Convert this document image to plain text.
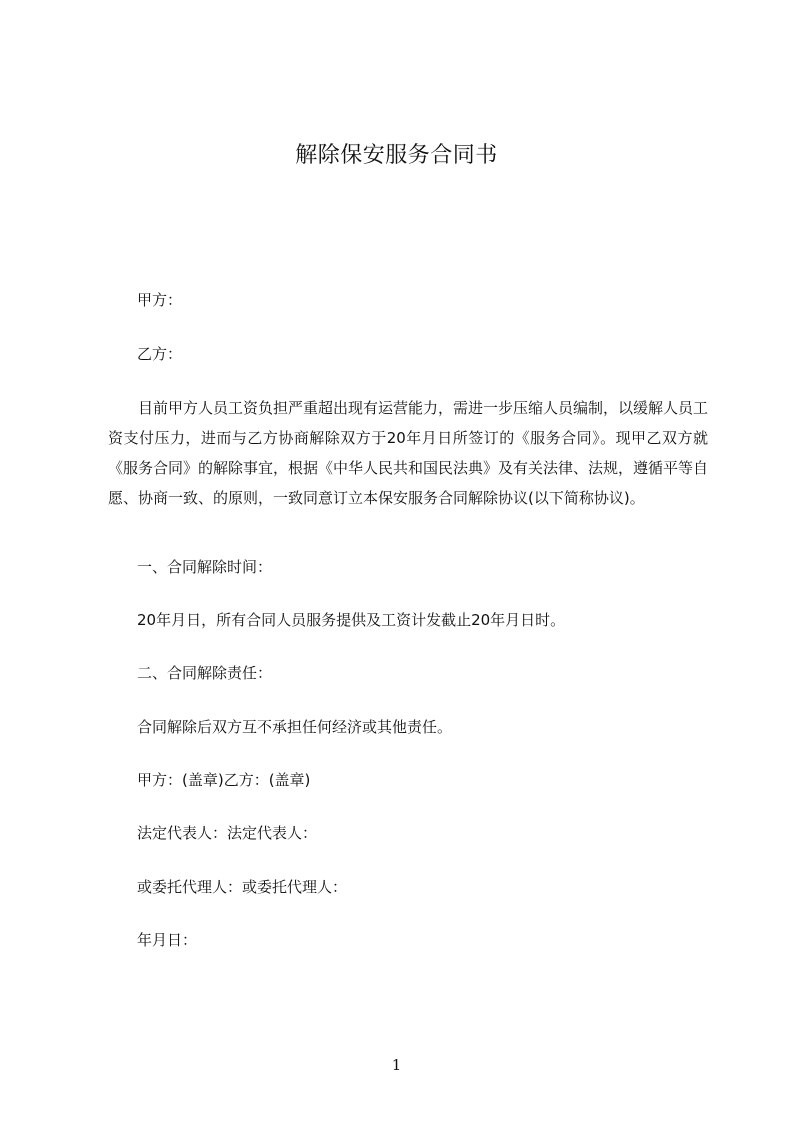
解除保安服务合同书
甲方：
乙方：
目前甲方人员工资负担严重超出现有运营能力，需进一步压缩人员编制，以缓解人员工资支付压力，进而与乙方协商解除双方于20年月日所签订的《服务合同》。现甲乙双方就《服务合同》的解除事宜，根据《中华人民共和国民法典》及有关法律、法规，遵循平等自愿、协商一致、的原则，一致同意订立本保安服务合同解除协议(以下简称协议)。
一、合同解除时间：
20年月日，所有合同人员服务提供及工资计发截止20年月日时。
二、合同解除责任：
合同解除后双方互不承担任何经济或其他责任。
甲方：(盖章)乙方：(盖章)
法定代表人：法定代表人：
或委托代理人：或委托代理人：
年月日：
1
